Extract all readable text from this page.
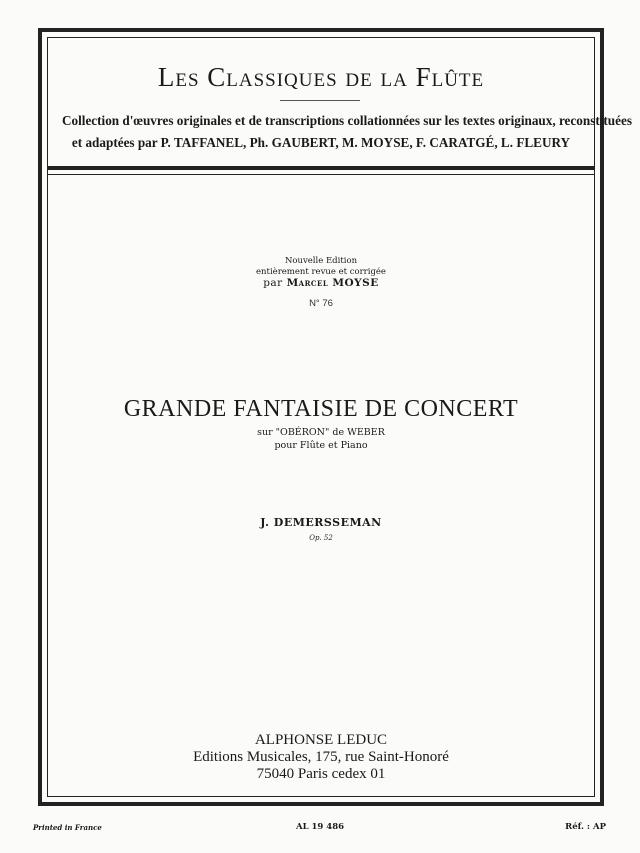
Les Classiques de la Flûte
Collection d'œuvres originales et de transcriptions collationnées sur les textes originaux, reconstituées
et adaptées par P. TAFFANEL, Ph. GAUBERT, M. MOYSE, F. CARATGÉ, L. FLEURY
Nouvelle Edition
entièrement revue et corrigée
par Marcel MOYSE
N° 76
GRANDE FANTAISIE DE CONCERT
sur "OBÉRON" de WEBER
pour Flûte et Piano
J. DEMERSSEMAN
Op. 52
ALPHONSE LEDUC
Editions Musicales, 175, rue Saint-Honoré
75040 Paris cedex 01
Printed in France	AL 19 486	Réf. : AP
